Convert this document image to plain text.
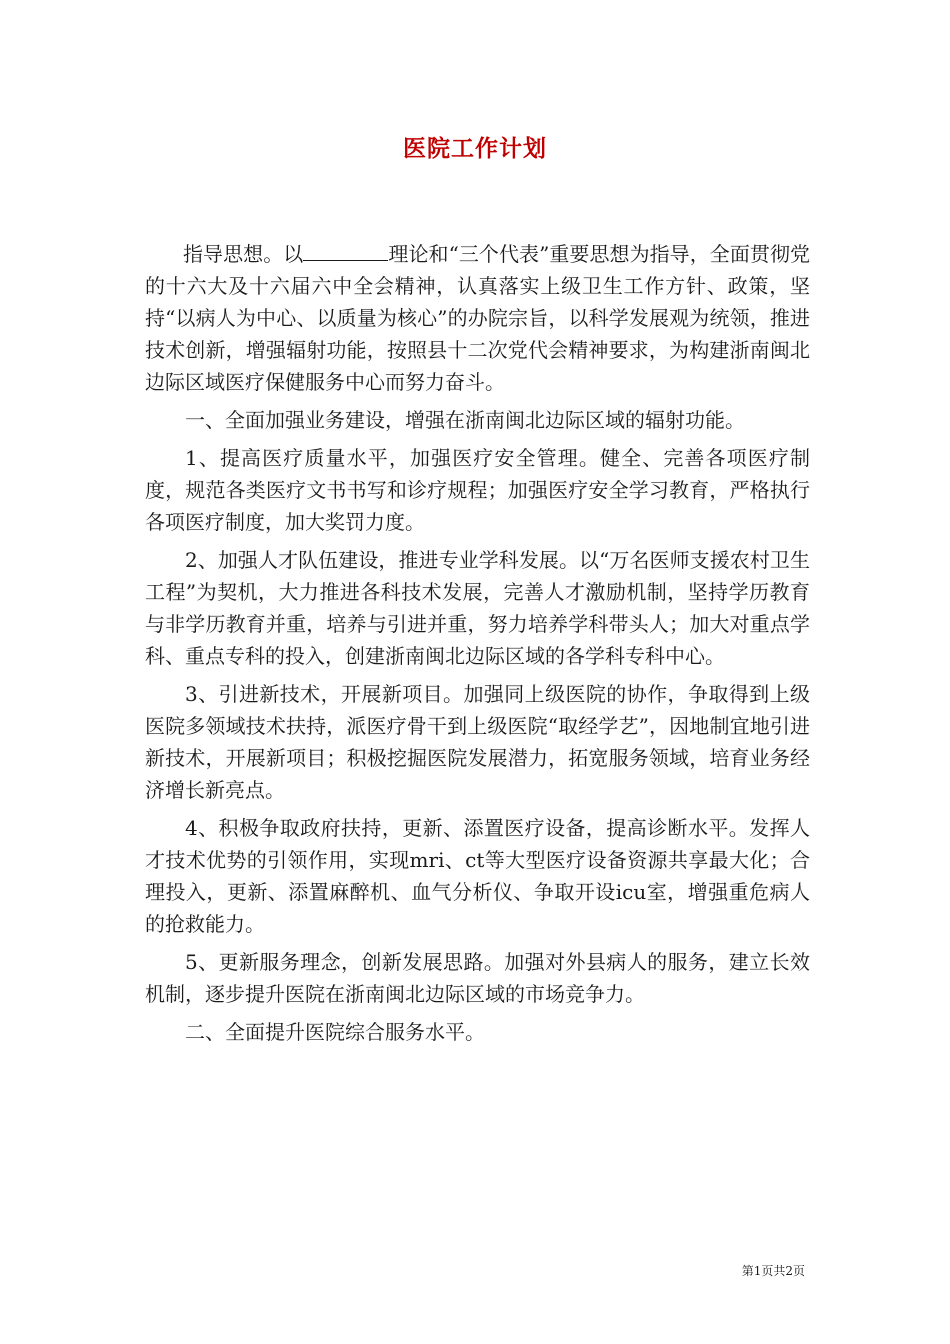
医院工作计划

指导思想。以	理论和“三个代表”重要思想为指导，全面贯彻党的十六大及十六届六中全会精神，认真落实上级卫生工作方针、政策，坚持“以病人为中心、以质量为核心”的办院宗旨，以科学发展观为统领，推进技术创新，增强辐射功能，按照县十二次党代会精神要求，为构建浙南闽北边际区域医疗保健服务中心而努力奋斗。

一、全面加强业务建设，增强在浙南闽北边际区域的辐射功能。

1、提高医疗质量水平，加强医疗安全管理。健全、完善各项医疗制度，规范各类医疗文书书写和诊疗规程；加强医疗安全学习教育，严格执行各项医疗制度，加大奖罚力度。

2、加强人才队伍建设，推进专业学科发展。以“万名医师支援农村卫生工程”为契机，大力推进各科技术发展，完善人才激励机制，坚持学历教育与非学历教育并重，培养与引进并重，努力培养学科带头人；加大对重点学科、重点专科的投入，创建浙南闽北边际区域的各学科专科中心。

3、引进新技术，开展新项目。加强同上级医院的协作，争取得到上级医院多领域技术扶持，派医疗骨干到上级医院“取经学艺”，因地制宜地引进新技术，开展新项目；积极挖掘医院发展潜力，拓宽服务领域，培育业务经济增长新亮点。

4、积极争取政府扶持，更新、添置医疗设备，提高诊断水平。发挥人才技术优势的引领作用，实现mri、ct等大型医疗设备资源共享最大化；合理投入，更新、添置麻醉机、血气分析仪、争取开设icu室，增强重危病人的抢救能力。

5、更新服务理念，创新发展思路。加强对外县病人的服务，建立长效机制，逐步提升医院在浙南闽北边际区域的市场竞争力。

二、全面提升医院综合服务水平。

第1页共2页
